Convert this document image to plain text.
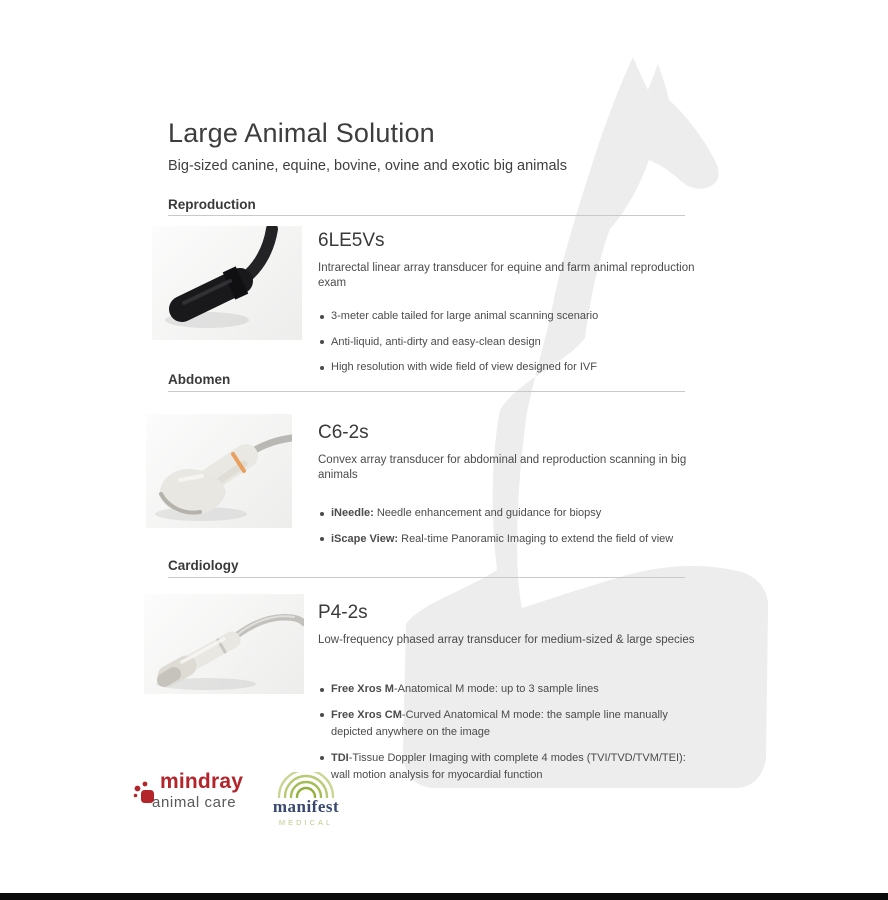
Large Animal Solution
Big-sized canine, equine, bovine, ovine and exotic big animals
Reproduction
6LE5Vs
Intrarectal linear array transducer for equine and farm animal reproduction exam
3-meter cable tailed for large animal scanning scenario
Anti-liquid, anti-dirty and easy-clean design
High resolution with wide field of view designed for IVF
Abdomen
C6-2s
Convex array transducer for abdominal and reproduction scanning in big animals
iNeedle: Needle enhancement and guidance for biopsy
iScape View: Real-time Panoramic Imaging to extend the field of view
Cardiology
P4-2s
Low-frequency phased array transducer for medium-sized & large species
Free Xros M-Anatomical M mode: up to 3 sample lines
Free Xros CM-Curved Anatomical M mode: the sample line manually depicted anywhere on the image
TDI-Tissue Doppler Imaging with complete 4 modes (TVI/TVD/TVM/TEI): wall motion analysis for myocardial function
mindray
animal care manifest
MEDICAL
